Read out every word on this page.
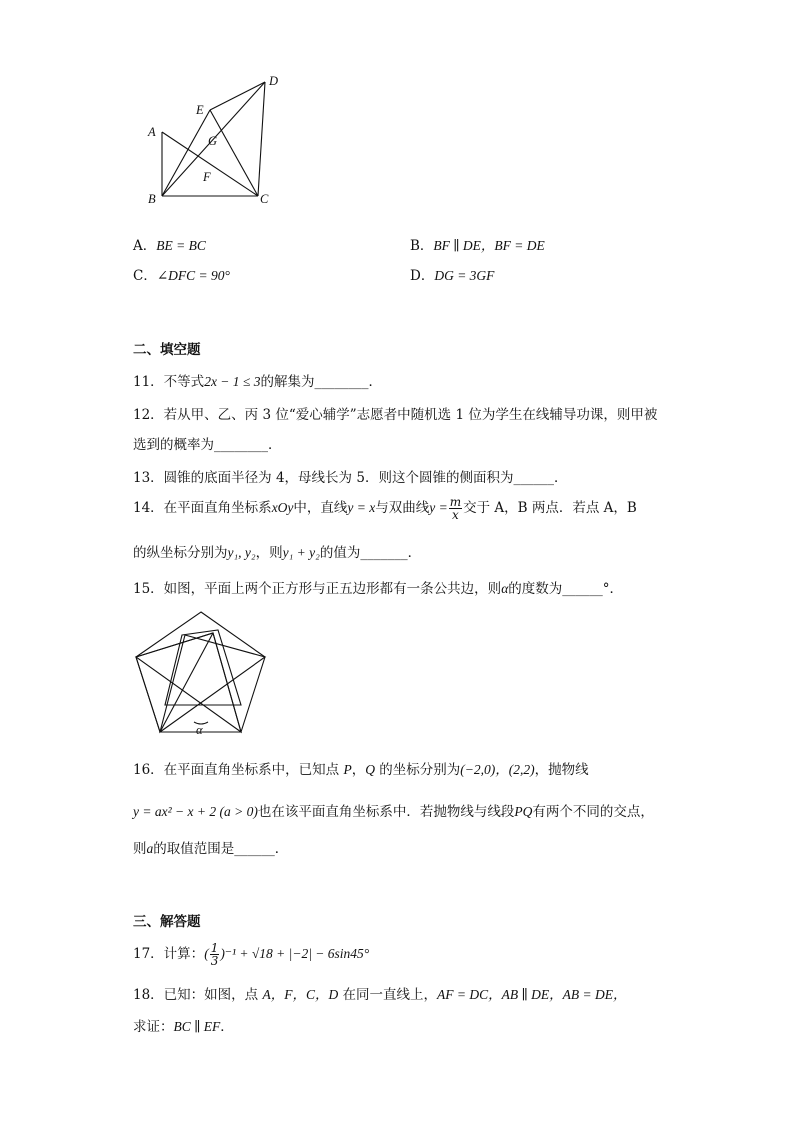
A
B	C
D
E
F
G
A．BE = BC	B．BF ∥ DE，BF = DE
C．∠DFC = 90°	D．DG = 3GF
二、填空题
11．不等式2x − 1 ≤ 3的解集为________．
12．若从甲、乙、丙 3 位“爱心辅学”志愿者中随机选 1 位为学生在线辅导功课，则甲被
选到的概率为________．
13．圆锥的底面半径为 4，母线长为 5．则这个圆锥的侧面积为______．
14．在平面直角坐标系xOy中，直线y = x与双曲线$y = \frac{m}{x}$ 交于 A，B 两点．若点 A，B
的纵坐标分别为y₁, y₂，则y₁ + y₂的值为_______．
15．如图，平面上两个正方形与正五边形都有一条公共边，则α的度数为______°．
α
16．在平面直角坐标系中，已知点 P，Q 的坐标分别为(−2,0)，(2,2)，抛物线
y = ax² − x + 2 (a > 0)也在该平面直角坐标系中．若抛物线与线段PQ有两个不同的交点，
则a的取值范围是______．
三、解答题
17．计算：( $\frac{1}{3} )^{-1} + √18 + |-2| - 6\sin 45^\circ$
18．已知：如图，点 A，F，C，D 在同一直线上，AF = DC，AB ∥ DE，AB = DE，
求证：BC ∥ EF．
